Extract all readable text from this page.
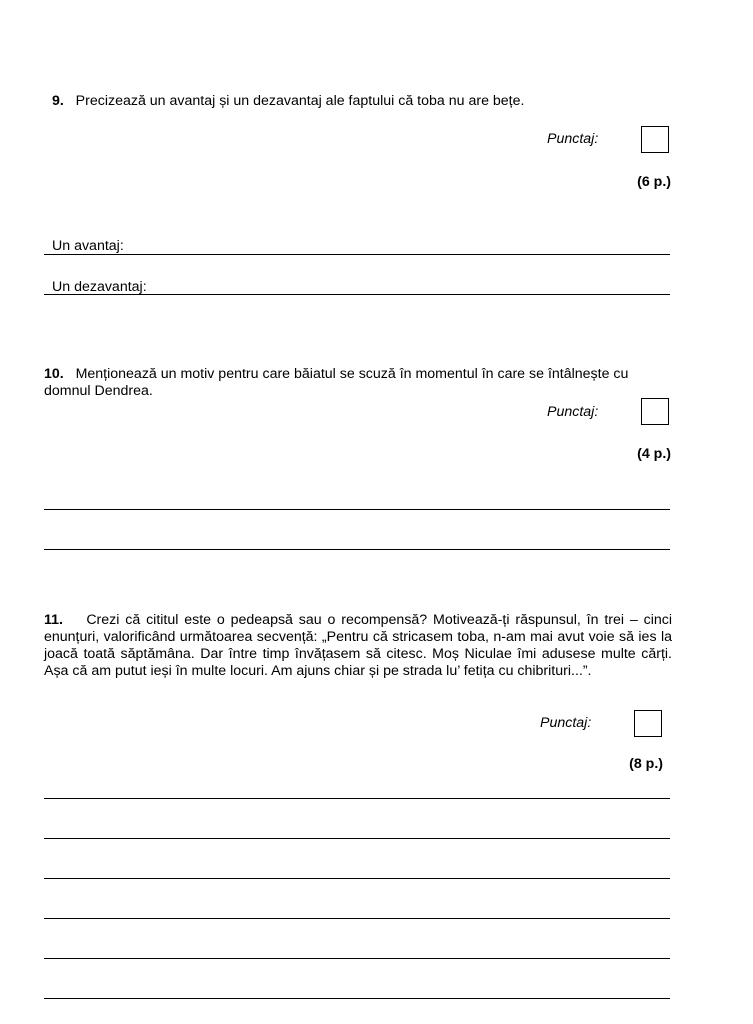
9. Precizează un avantaj și un dezavantaj ale faptului că toba nu are bețe.

Punctaj:
(6 p.)
Un avantaj:
Un dezavantaj:

10. Menționează un motiv pentru care băiatul se scuză în momentul în care se întâlnește cu domnul Dendrea.

Punctaj:
(4 p.)

11. Crezi că cititul este o pedeapsă sau o recompensă? Motivează-ți răspunsul, în trei – cinci enunțuri, valorificând următoarea secvență: „Pentru că stricasem toba, n-am mai avut voie să ies la joacă toată săptămâna. Dar între timp învățasem să citesc. Moș Niculae îmi adusese multe cărți. Așa că am putut ieși în multe locuri. Am ajuns chiar și pe strada lu’ fetița cu chibrituri...”.

Punctaj:
(8 p.)
